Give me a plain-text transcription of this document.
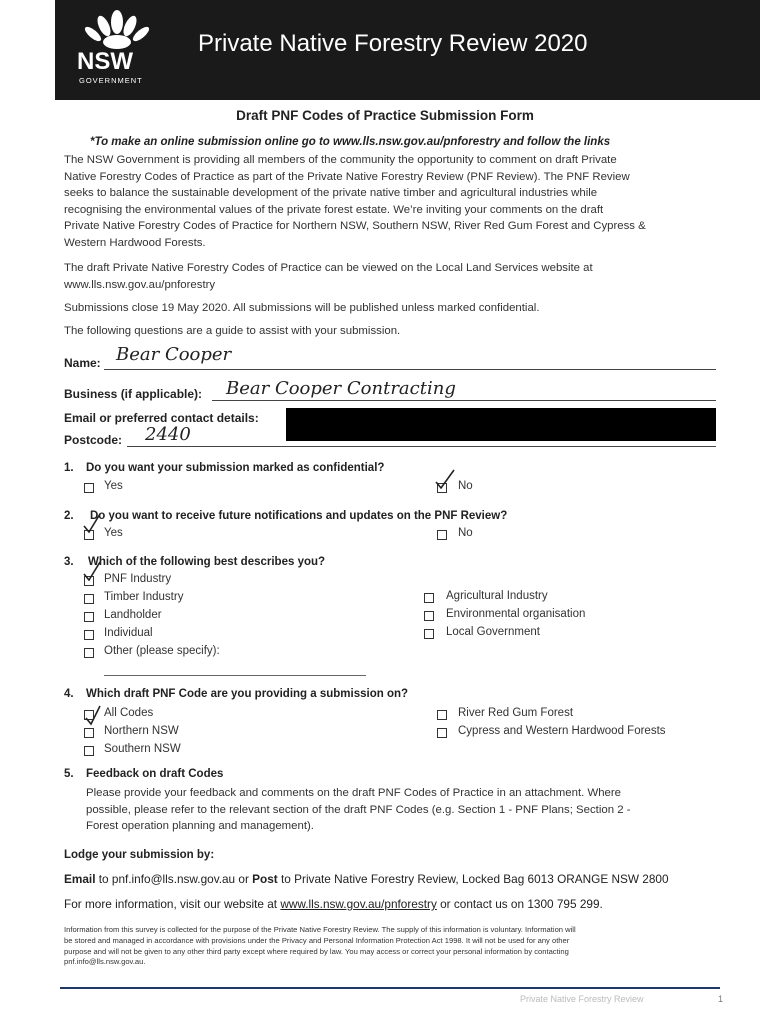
NSW
GOVERNMENT
Private Native Forestry Review 2020
Draft PNF Codes of Practice Submission Form
*To make an online submission online go to www.lls.nsw.gov.au/pnforestry and follow the links
The NSW Government is providing all members of the community the opportunity to comment on draft Private
Native Forestry Codes of Practice as part of the Private Native Forestry Review (PNF Review). The PNF Review
seeks to balance the sustainable development of the private native timber and agricultural industries while
recognising the environmental values of the private forest estate. We’re inviting your comments on the draft
Private Native Forestry Codes of Practice for Northern NSW, Southern NSW, River Red Gum Forest and Cypress &
Western Hardwood Forests.
The draft Private Native Forestry Codes of Practice can be viewed on the Local Land Services website at
www.lls.nsw.gov.au/pnforestry
Submissions close 19 May 2020. All submissions will be published unless marked confidential.
The following questions are a guide to assist with your submission.
Name: Bear Cooper
Business (if applicable): Bear Cooper Contracting
Email or preferred contact details:
Postcode: 2440
1. Do you want your submission marked as confidential?
Yes	No
2. Do you want to receive future notifications and updates on the PNF Review?
Yes	No
3. Which of the following best describes you?
PNF Industry
Timber Industry
Landholder
Individual
Other (please specify):
Agricultural Industry
Environmental organisation
Local Government
4. Which draft PNF Code are you providing a submission on?
All Codes
Northern NSW
Southern NSW
River Red Gum Forest
Cypress and Western Hardwood Forests
5. Feedback on draft Codes
Please provide your feedback and comments on the draft PNF Codes of Practice in an attachment. Where
possible, please refer to the relevant section of the draft PNF Codes (e.g. Section 1 - PNF Plans; Section 2 -
Forest operation planning and management).
Lodge your submission by:
Email to pnf.info@lls.nsw.gov.au or Post to Private Native Forestry Review, Locked Bag 6013 ORANGE NSW 2800
For more information, visit our website at www.lls.nsw.gov.au/pnforestry or contact us on 1300 795 299.
Information from this survey is collected for the purpose of the Private Native Forestry Review. The supply of this information is voluntary. Information will
be stored and managed in accordance with provisions under the Privacy and Personal Information Protection Act 1998. It will not be used for any other
purpose and will not be given to any other third party except where required by law. You may access or correct your personal information by contacting
pnf.info@lls.nsw.gov.au.
Private Native Forestry Review	1
